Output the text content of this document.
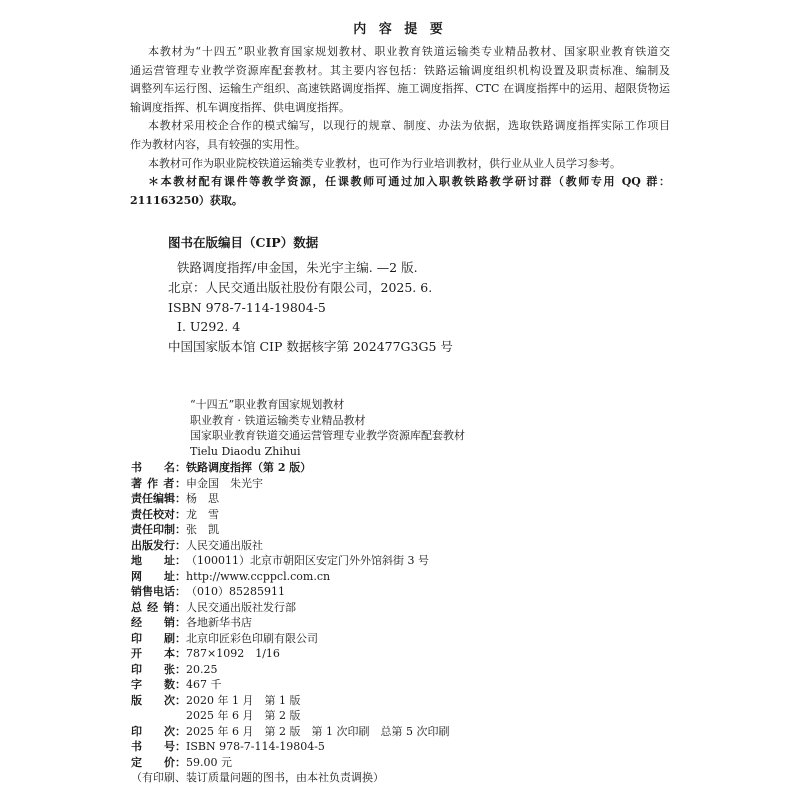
内 容 提 要
本教材为“十四五”职业教育国家规划教材、职业教育铁道运输类专业精品教材、国家职业教育铁道交
通运营管理专业教学资源库配套教材。其主要内容包括：铁路运输调度组织机构设置及职责标准、编制及
调整列车运行图、运输生产组织、高速铁路调度指挥、施工调度指挥、CTC 在调度指挥中的运用、超限货物运
输调度指挥、机车调度指挥、供电调度指挥。
本教材采用校企合作的模式编写，以现行的规章、制度、办法为依据，选取铁路调度指挥实际工作项目
作为教材内容，具有较强的实用性。
本教材可作为职业院校铁道运输类专业教材，也可作为行业培训教材，供行业从业人员学习参考。
＊本教材配有课件等教学资源，任课教师可通过加入职教铁路教学研讨群（教师专用 QQ 群：
211163250）获取。
图书在版编目（CIP）数据
铁路调度指挥/申金国，朱光宇主编. —2 版.
北京：人民交通出版社股份有限公司，2025. 6.
ISBN 978-7-114-19804-5
Ⅰ. U292. 4
中国国家版本馆 CIP 数据核字第 202477G3G5 号
“十四五”职业教育国家规划教材
职业教育 · 铁道运输类专业精品教材
国家职业教育铁道交通运营管理专业教学资源库配套教材
Tielu Diaodu Zhihui
书　　名：铁路调度指挥（第 2 版）
著 作 者：申金国　朱光宇
责任编辑：杨　思
责任校对：龙　雪
责任印制：张　凯
出版发行：人民交通出版社
地　　址：（100011）北京市朝阳区安定门外外馆斜街 3 号
网　　址：http://www.ccppcl.com.cn
销售电话：（010）85285911
总 经 销：人民交通出版社发行部
经　　销：各地新华书店
印　　刷：北京印匠彩色印刷有限公司
开　　本：787×1092　1/16
印　　张：20.25
字　　数：467 千
版　　次：2020 年 1 月　第 1 版
2025 年 6 月　第 2 版
印　　次：2025 年 6 月　第 2 版　第 1 次印刷　总第 5 次印刷
书　　号：ISBN 978-7-114-19804-5
定　　价：59.00 元
（有印刷、装订质量问题的图书，由本社负责调换）
